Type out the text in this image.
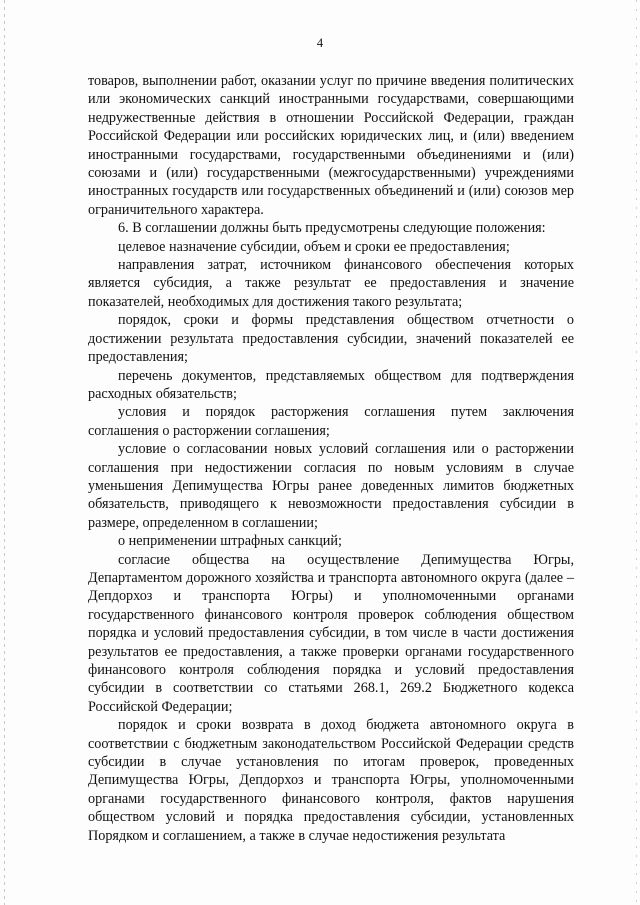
4

товаров, выполнении работ, оказании услуг по причине введения политических или экономических санкций иностранными государствами, совершающими недружественные действия в отношении Российской Федерации, граждан Российской Федерации или российских юридических лиц, и (или) введением иностранными государствами, государственными объединениями и (или) союзами и (или) государственными (межгосударственными) учреждениями иностранных государств или государственных объединений и (или) союзов мер ограничительного характера.

6. В соглашении должны быть предусмотрены следующие положения:

целевое назначение субсидии, объем и сроки ее предоставления;

направления затрат, источником финансового обеспечения которых является субсидия, а также результат ее предоставления и значение показателей, необходимых для достижения такого результата;

порядок, сроки и формы представления обществом отчетности о достижении результата предоставления субсидии, значений показателей ее предоставления;

перечень документов, представляемых обществом для подтверждения расходных обязательств;

условия и порядок расторжения соглашения путем заключения соглашения о расторжении соглашения;

условие о согласовании новых условий соглашения или о расторжении соглашения при недостижении согласия по новым условиям в случае уменьшения Депимущества Югры ранее доведенных лимитов бюджетных обязательств, приводящего к невозможности предоставления субсидии в размере, определенном в соглашении;

о неприменении штрафных санкций;

согласие общества на осуществление Депимущества Югры, Департаментом дорожного хозяйства и транспорта автономного округа (далее – Депдорхоз и транспорта Югры) и уполномоченными органами государственного финансового контроля проверок соблюдения обществом порядка и условий предоставления субсидии, в том числе в части достижения результатов ее предоставления, а также проверки органами государственного финансового контроля соблюдения порядка и условий предоставления субсидии в соответствии со статьями 268.1, 269.2 Бюджетного кодекса Российской Федерации;

порядок и сроки возврата в доход бюджета автономного округа в соответствии с бюджетным законодательством Российской Федерации средств субсидии в случае установления по итогам проверок, проведенных Депимущества Югры, Депдорхоз и транспорта Югры, уполномоченными органами государственного финансового контроля, фактов нарушения обществом условий и порядка предоставления субсидии, установленных Порядком и соглашением, а также в случае недостижения результата
